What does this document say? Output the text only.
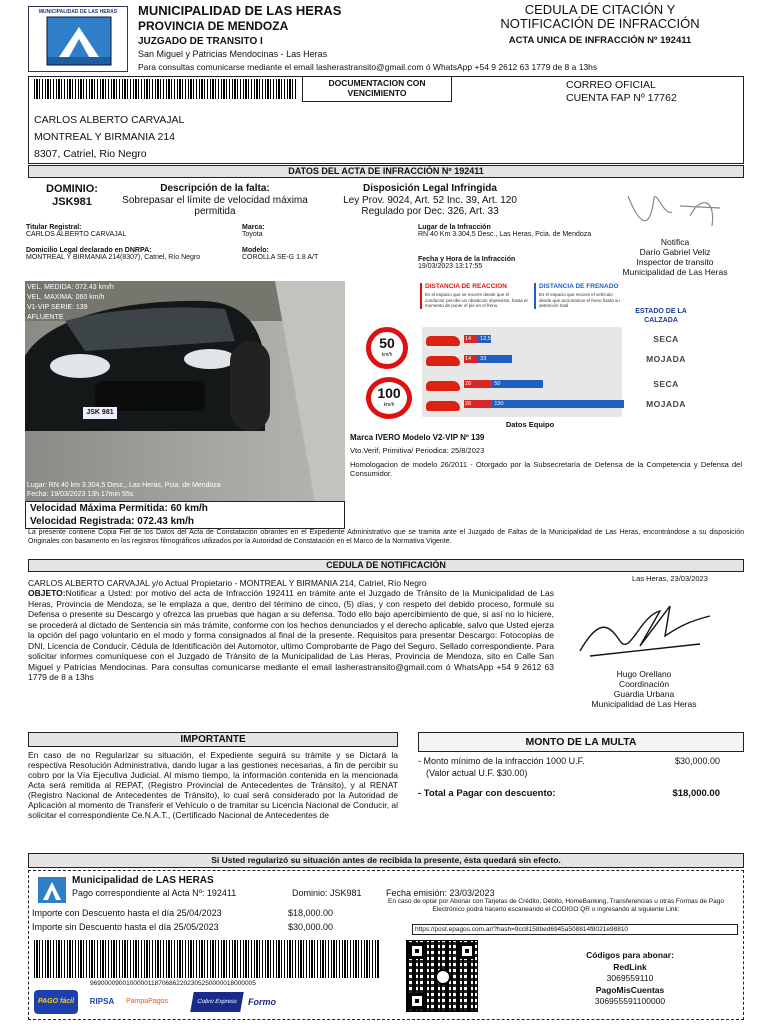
MUNICIPALIDAD DE LAS HERAS	MUNICIPALIDAD DE LAS HERAS
PROVINCIA DE MENDOZA
JUZGADO DE TRANSITO I
San Miguel y Patricias Mendocinas - Las Heras
Para consultas comunicarse mediante el email lasherastransito@gmail.com ó WhatsApp +54 9 2612 63 1779 de 8 a 13hs
CEDULA DE CITACIÓN Y
NOTIFICACIÓN DE INFRACCIÓN
ACTA UNICA DE INFRACCIÓN Nº 192411
DOCUMENTACION CON VENCIMIENTO
CORREO OFICIAL
CUENTA FAP Nº 17762
CARLOS ALBERTO CARVAJAL
MONTREAL Y BIRMANIA 214
8307, Catriel, Rio Negro
DATOS DEL ACTA DE INFRACCIÓN Nº 192411
DOMINIO:
JSK981
Descripción de la falta:
Sobrepasar el límite de velocidad máxima permitida
Disposición Legal Infringida
Ley Prov. 9024, Art. 52 Inc. 39, Art. 120
Regulado por Dec. 326, Art. 33
Notifica
Darío Gabriel Veliz
Inspector de transito
Municipalidad de Las Heras
Titular Registral:
CARLOS ALBERTO CARVAJAL
Marca:
Toyota
Lugar de la Infracción
RN 40 Km 3.304,5 Desc., Las Heras, Pcia. de Mendoza
Domicilio Legal declarado en DNRPA:
MONTREAL Y BIRMANIA 214(8307), Catriel, Río Negro
Modelo:
COROLLA SE-G 1.8 A/T	Fecha y Hora de la Infracción
19/03/2023 13:17:55
JSK 981
VEL. MEDIDA: 072.43 km/h
VEL. MAXIMA: 060 km/h
V1-VIP SERIE: 139
AFLUENTE
Lugar: RN 40 km 3.304,5 Desc., Las Heras, Pcia. de Mendoza
Fecha: 19/03/2023 13h 17min 55s
Velocidad Máxima Permitida: 60 km/h
Velocidad Registrada: 072.43 km/h
DISTANCIA DE REACCION
Es el espacio que se recorre desde que el conductor percibe un obstáculo imprevisto, hasta el momento de poner el pie en el freno.
DISTANCIA DE FRENADO
Es el espacio que recorre el vehículo desde que accionamos el freno hasta su detención total
ESTADO DE LA CALZADA
50
km/h
100
km/h
14	12,5	SECA
14	33	MOJADA
28	50	SECA
28	130	MOJADA
Datos Equipo
Marca IVERO Modelo V2-VIP Nº 139
Vto.Verif, Primitiva/ Periodica: 25/8/2023
Homologacion de modelo 26/2011 - Otorgado por la Subsecretaría de Defensa de la Competencia y Defensa del Consumidor.
La presente contiene Copia Fiel de los Datos del Acta de Constatación obrantes en el Expediente Administrativo que se tramita ante el Juzgado de Faltas de la Municipalidad de Las Heras, encontrándose a su disposición Originales con basamento en los registros filmográficos utilizados por la Autoridad de Constatación en el Marco de la Normativa Vigente.
CEDULA DE NOTIFICACIÓN
CARLOS ALBERTO CARVAJAL y/o Actual Propietario - MONTREAL Y BIRMANIA 214, Catriel, Río Negro
OBJETO:Notificar a Usted: por motivo del acta de Infracción 192411 en trámite ante el Juzgado de Tránsito de la Municipalidad de Las Heras, Provincia de Mendoza, se le emplaza a que, dentro del término de cinco, (5) días, y con respeto del debido proceso, formule su Defensa o presente su Descargo y ofrezca las pruebas que hagan a su defensa. Todo ello bajo apercibimiento de que, si así no lo hiciere, se procederá al dictado de Sentencia sin más trámite, conforme con los hechos denunciados y el derecho aplicable, salvo que Usted ejerza la opción del pago voluntario en el modo y forma consignados al final de la presente. Requisitos para presentar Descargo: Fotocopias de DNI, Licencia de Conducir, Cédula de Identificación del Automotor, ultimo Comprobante de Pago del Seguro, Sellado correspondiente. Para solicitar informes comuníquese con el Juzgado de Tránsito de la Municipalidad de Las Heras, Provincia de Mendoza, sito en Calle San Miguel y Patricias Mendocinas. Para consultas comunicarse mediante el email lasherastransito@gmail.com ó WhatsApp +54 9 2612 63 1779 de 8 a 13hs
Las Heras, 23/03/2023
Hugo Orellano
Coordinación
Guardia Urbana
Municipalidad de Las Heras
IMPORTANTE
En caso de no Regularizar su situación, el Expediente seguirá su trámite y se Dictará la respectiva Resolución Administrativa, dando lugar a las gestiones necesarias, a fin de percibir su cobro por la Vía Ejecutiva Judicial. Al mismo tiempo, la información contenida en la mencionada Acta será remitida al REPAT, (Registro Provincial de Antecedentes de Tránsito), y al RENAT (Registro Nacional de Antecedentes de Tránsito), lo cual será considerado por la Autoridad de Aplicación al momento de Transferir el Vehículo o de tramitar su Licencia Nacional de Conducir, al solicitar el correspondiente Ce.N.A.T., (Certificado Nacional de Antecedentes de
MONTO DE LA MULTA
- Monto mínimo de la infracción 1000 U.F.
(Valor actual U.F. $30.00)
$30,000.00
- Total a Pagar con descuento:	$18,000.00
Si Usted regularizó su situación antes de recibida la presente, ésta quedará sin efecto.
Municipalidad de LAS HERAS
Pago correspondiente al Acta Nº: 192411	Dominio: JSK981	Fecha emisión: 23/03/2023
Importe con Descuento hasta el día 25/04/2023	$18,000.00
Importe sin Descuento hasta el día 25/05/2023	$30,000.00
En caso de optar por Abonar con Tarjetas de Crédito, Débito, HomeBanking, Transferencias u otras Formas de Pago Electrónico podrá hacerlo escaneando el CODIGO QR o ingresando al siguiente Link:
https://post.epagos.com.ar/?hash=9cc8158bed6945a508814f8021e98810
9690000900100000118706862202305250000018000005
Códigos para abonar:
RedLink
3069559110
PagoMisCuentas
306955591100000
PAGO fácil	RIPSA	PampaPagos	Cobro Express	Formo
